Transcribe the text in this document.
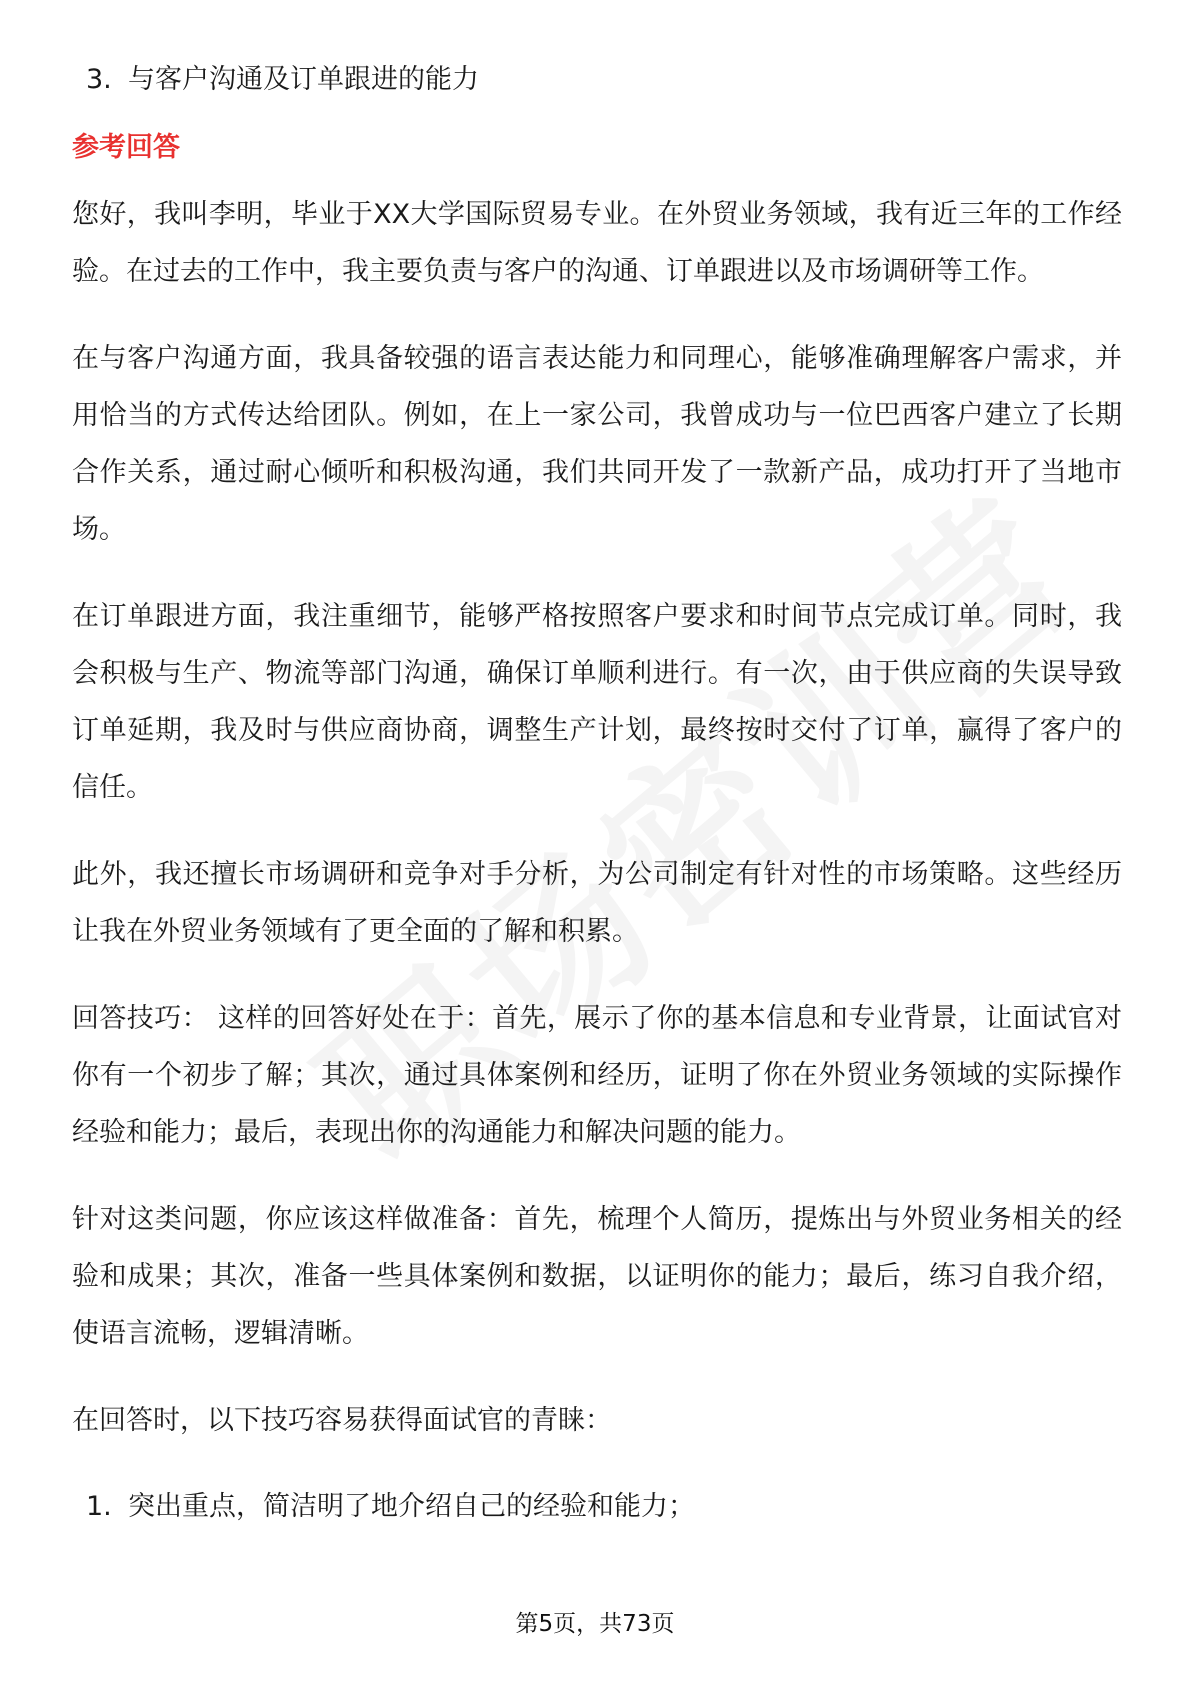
3. 与客户沟通及订单跟进的能力
参考回答

您好，我叫李明，毕业于XX大学国际贸易专业。在外贸业务领域，我有近三年的工作经验。在过去的工作中，我主要负责与客户的沟通、订单跟进以及市场调研等工作。

在与客户沟通方面，我具备较强的语言表达能力和同理心，能够准确理解客户需求，并用恰当的方式传达给团队。例如，在上一家公司，我曾成功与一位巴西客户建立了长期合作关系，通过耐心倾听和积极沟通，我们共同开发了一款新产品，成功打开了当地市场。

在订单跟进方面，我注重细节，能够严格按照客户要求和时间节点完成订单。同时，我会积极与生产、物流等部门沟通，确保订单顺利进行。有一次，由于供应商的失误导致订单延期，我及时与供应商协商，调整生产计划，最终按时交付了订单，赢得了客户的信任。

此外，我还擅长市场调研和竞争对手分析，为公司制定有针对性的市场策略。这些经历让我在外贸业务领域有了更全面的了解和积累。

回答技巧： 这样的回答好处在于：首先，展示了你的基本信息和专业背景，让面试官对你有一个初步了解；其次，通过具体案例和经历，证明了你在外贸业务领域的实际操作经验和能力；最后，表现出你的沟通能力和解决问题的能力。

针对这类问题，你应该这样做准备：首先，梳理个人简历，提炼出与外贸业务相关的经验和成果；其次，准备一些具体案例和数据，以证明你的能力；最后，练习自我介绍，使语言流畅，逻辑清晰。

在回答时，以下技巧容易获得面试官的青睐：

1. 突出重点，简洁明了地介绍自己的经验和能力；
第5页，共73页
